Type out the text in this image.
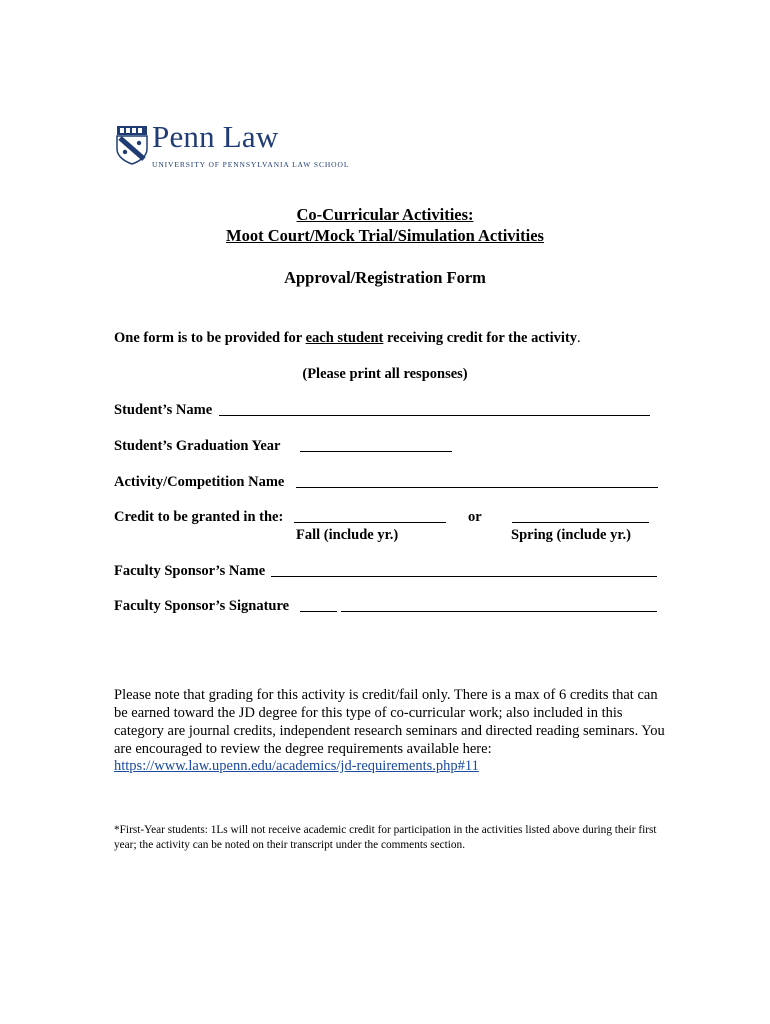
Penn Law
UNIVERSITY OF PENNSYLVANIA LAW SCHOOL
Co-Curricular Activities:
Moot Court/Mock Trial/Simulation Activities
Approval/Registration Form
One form is to be provided for each student receiving credit for the activity.
(Please print all responses)
Student’s Name
Student’s Graduation Year
Activity/Competition Name
Credit to be granted in the:	or
Fall (include yr.)	Spring (include yr.)
Faculty Sponsor’s Name
Faculty Sponsor’s Signature
Please note that grading for this activity is credit/fail only. There is a max of 6 credits that can be earned toward the JD degree for this type of co-curricular work; also included in this category are journal credits, independent research seminars and directed reading seminars. You are encouraged to review the degree requirements available here:
https://www.law.upenn.edu/academics/jd-requirements.php#11
*First-Year students: 1Ls will not receive academic credit for participation in the activities listed above during their first year; the activity can be noted on their transcript under the comments section.
